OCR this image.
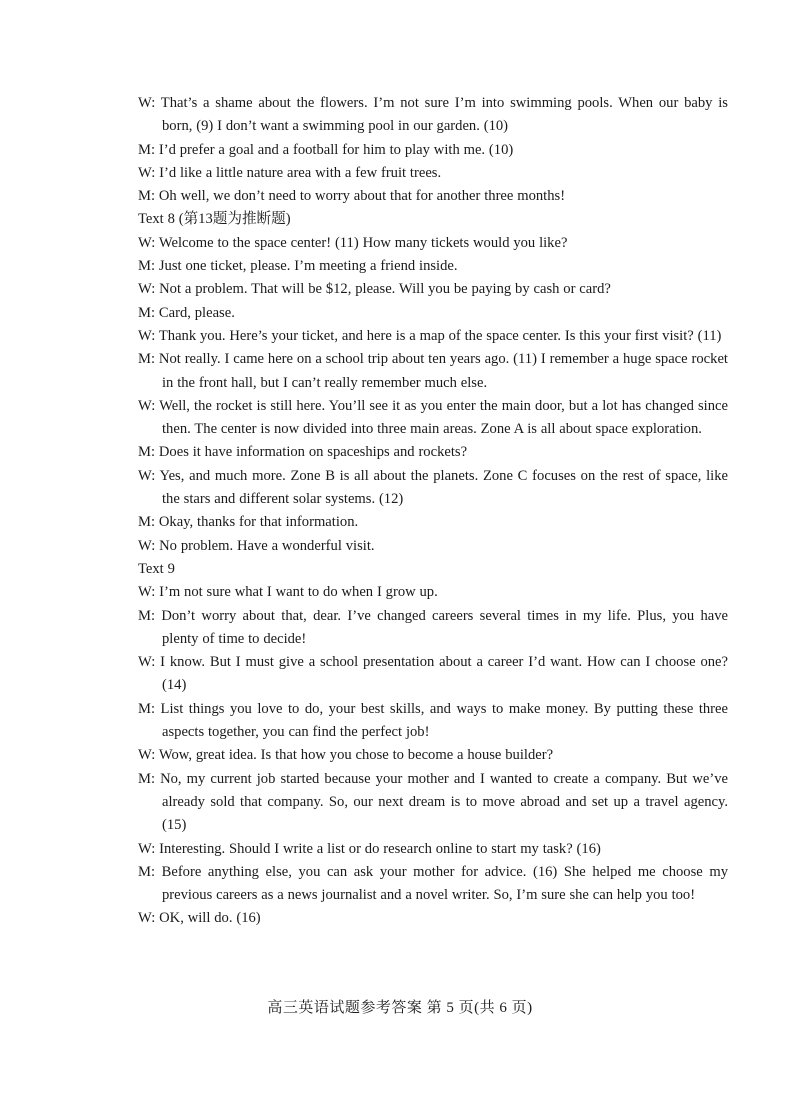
W: That’s a shame about the flowers. I’m not sure I’m into swimming pools. When our baby is born, (9) I don’t want a swimming pool in our garden. (10)
M: I’d prefer a goal and a football for him to play with me. (10)
W: I’d like a little nature area with a few fruit trees.
M: Oh well, we don’t need to worry about that for another three months!
Text 8 (第13题为推断题)
W: Welcome to the space center! (11) How many tickets would you like?
M: Just one ticket, please. I’m meeting a friend inside.
W: Not a problem. That will be $12, please. Will you be paying by cash or card?
M: Card, please.
W: Thank you. Here’s your ticket, and here is a map of the space center. Is this your first visit? (11)
M: Not really. I came here on a school trip about ten years ago. (11) I remember a huge space rocket in the front hall, but I can’t really remember much else.
W: Well, the rocket is still here. You’ll see it as you enter the main door, but a lot has changed since then. The center is now divided into three main areas. Zone A is all about space exploration.
M: Does it have information on spaceships and rockets?
W: Yes, and much more. Zone B is all about the planets. Zone C focuses on the rest of space, like the stars and different solar systems. (12)
M: Okay, thanks for that information.
W: No problem. Have a wonderful visit.
Text 9
W: I’m not sure what I want to do when I grow up.
M: Don’t worry about that, dear. I’ve changed careers several times in my life. Plus, you have plenty of time to decide!
W: I know. But I must give a school presentation about a career I’d want. How can I choose one? (14)
M: List things you love to do, your best skills, and ways to make money. By putting these three aspects together, you can find the perfect job!
W: Wow, great idea. Is that how you chose to become a house builder?
M: No, my current job started because your mother and I wanted to create a company. But we’ve already sold that company. So, our next dream is to move abroad and set up a travel agency. (15)
W: Interesting. Should I write a list or do research online to start my task? (16)
M: Before anything else, you can ask your mother for advice. (16) She helped me choose my previous careers as a news journalist and a novel writer. So, I’m sure she can help you too!
W: OK, will do. (16)
高三英语试题参考答案 第 5 页(共 6 页)
